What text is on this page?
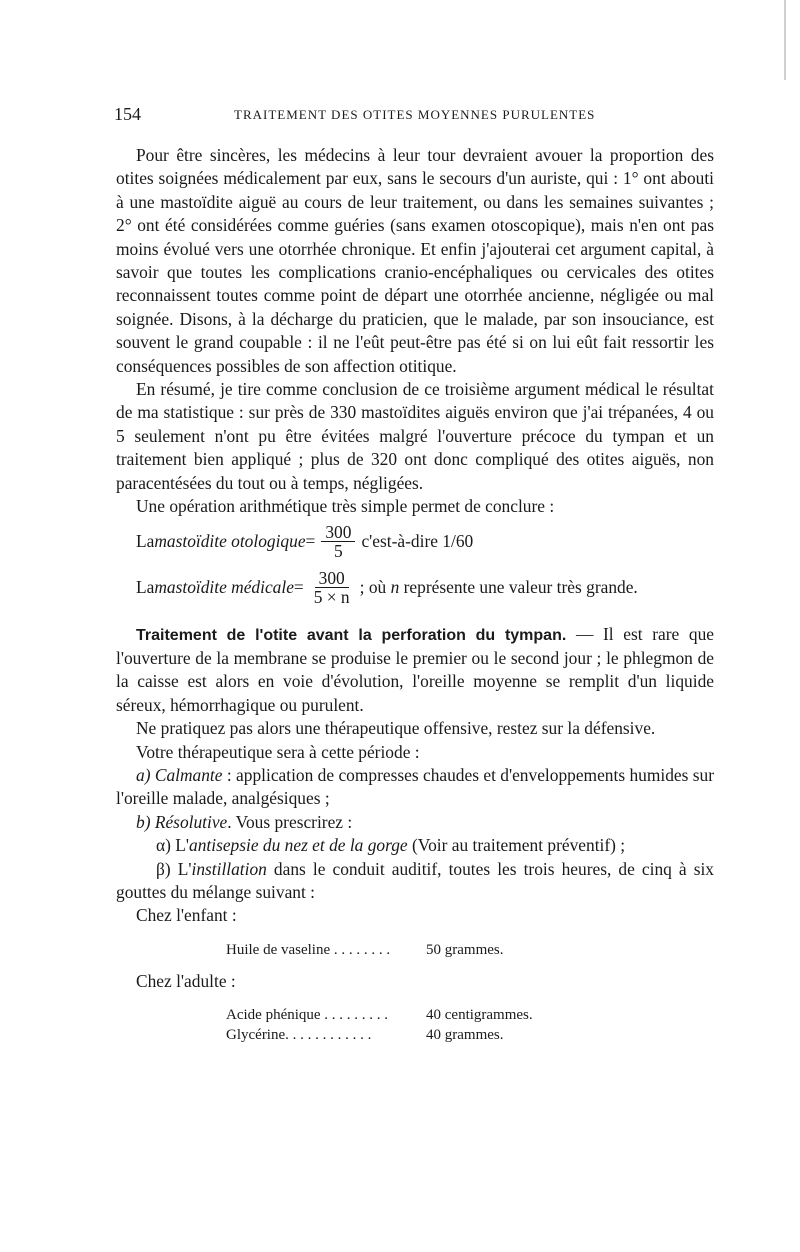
154	TRAITEMENT DES OTITES MOYENNES PURULENTES

Pour être sincères, les médecins à leur tour devraient avouer la proportion des otites soignées médicalement par eux, sans le secours d'un auriste, qui : 1° ont abouti à une mastoïdite aiguë au cours de leur traitement, ou dans les semaines suivantes ; 2° ont été considérées comme guéries (sans examen otoscopique), mais n'en ont pas moins évolué vers une otorrhée chronique. Et enfin j'ajouterai cet argument capital, à savoir que toutes les complications cranio-encéphaliques ou cervicales des otites reconnaissent toutes comme point de départ une otorrhée ancienne, négligée ou mal soignée. Disons, à la décharge du praticien, que le malade, par son insouciance, est souvent le grand coupable : il ne l'eût peut-être pas été si on lui eût fait ressortir les conséquences possibles de son affection otitique.

En résumé, je tire comme conclusion de ce troisième argument médical le résultat de ma statistique : sur près de 330 mastoïdites aiguës environ que j'ai trépanées, 4 ou 5 seulement n'ont pu être évitées malgré l'ouverture précoce du tympan et un traitement bien appliqué ; plus de 320 ont donc compliqué des otites aiguës, non paracentésées du tout ou à temps, négligées.

Une opération arithmétique très simple permet de conclure :

La mastoïdite otologique = $\frac{300}{5}$ c'est-à-dire 1/60
La mastoïdite médicale = $\frac{300}{5 \times n}$ ; où n représente une valeur très grande.

Traitement de l'otite avant la perforation du tympan. — Il est rare que l'ouverture de la membrane se produise le premier ou le second jour ; le phlegmon de la caisse est alors en voie d'évolution, l'oreille moyenne se remplit d'un liquide séreux, hémorrhagique ou purulent.

Ne pratiquez pas alors une thérapeutique offensive, restez sur la défensive.

Votre thérapeutique sera à cette période :

a) Calmante : application de compresses chaudes et d'enveloppements humides sur l'oreille malade, analgésiques ;

b) Résolutive. Vous prescrirez :

α) L'antisepsie du nez et de la gorge (Voir au traitement préventif) ;

β) L'instillation dans le conduit auditif, toutes les trois heures, de cinq à six gouttes du mélange suivant :

Chez l'enfant :

Huile de vaseline . . . . . . . .	50 grammes.

Chez l'adulte :

Acide phénique . . . . . . . . .	40 centigrammes.

Glycérine. . . . . . . . . . . .	40 grammes.
